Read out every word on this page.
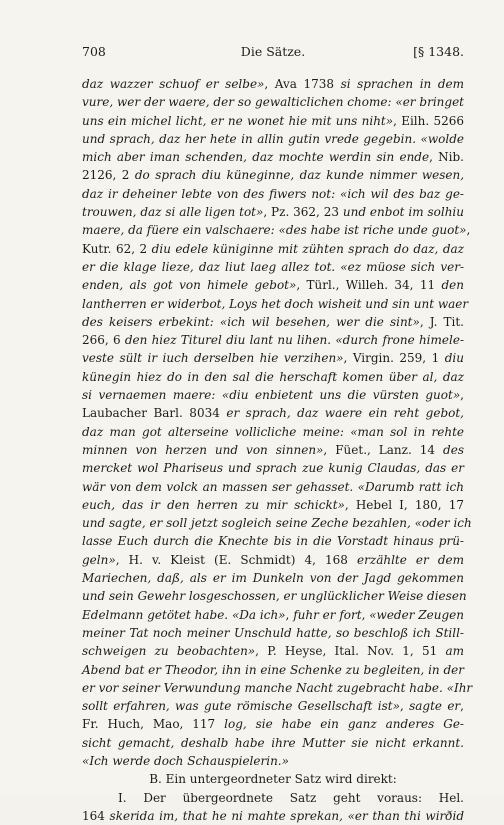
708	Die Sätze.	[§ 1348.
daz wazzer schuof er selbe», Ava 1738 si sprachen in dem
vure, wer der waere, der so gewalticlichen chome: «er bringet
uns ein michel licht, er ne wonet hie mit uns niht», Eilh. 5266
und sprach, daz her hete in allin gutin vrede gegebin. «wolde
mich aber iman schenden, daz mochte werdin sin ende, Nib.
2126, 2 do sprach diu küneginne, daz kunde nimmer wesen,
daz ir deheiner lebte von des fiwers not: «ich wil des baz ge-
trouwen, daz si alle ligen tot», Pz. 362, 23 und enbot im solhiu
maere, da füere ein valschaere: «des habe ist riche unde guot»,
Kutr. 62, 2 diu edele küniginne mit zühten sprach do daz, daz
er die klage lieze, daz liut laeg allez tot. «ez müose sich ver-
enden, als got von himele gebot», Türl., Willeh. 34, 11 den
lantherren er widerbot, Loys het doch wisheit und sin unt waer
des keisers erbekint: «ich wil besehen, wer die sint», J. Tit.
266, 6 den hiez Titurel diu lant nu lihen. «durch frone himele-
veste sült ir iuch derselben hie verzihen», Virgin. 259, 1 diu
künegin hiez do in den sal die herschaft komen über al, daz
si vernaemen maere: «diu enbietent uns die vürsten guot»,
Laubacher Barl. 8034 er sprach, daz waere ein reht gebot,
daz man got alterseine vollicliche meine: «man sol in rehte
minnen von herzen und von sinnen», Füet., Lanz. 14 des
mercket wol Phariseus und sprach zue kunig Claudas, das er
wär von dem volck an massen ser gehasset. «Darumb ratt ich
euch, das ir den herren zu mir schickt», Hebel I, 180, 17
und sagte, er soll jetzt sogleich seine Zeche bezahlen, «oder ich
lasse Euch durch die Knechte bis in die Vorstadt hinaus prü-
geln», H. v. Kleist (E. Schmidt) 4, 168 erzählte er dem
Mariechen, daß, als er im Dunkeln von der Jagd gekommen
und sein Gewehr losgeschossen, er unglücklicher Weise diesen
Edelmann getötet habe. «Da ich», fuhr er fort, «weder Zeugen
meiner Tat noch meiner Unschuld hatte, so beschloß ich Still-
schweigen zu beobachten», P. Heyse, Ital. Nov. 1, 51 am
Abend bat er Theodor, ihn in eine Schenke zu begleiten, in der
er vor seiner Verwundung manche Nacht zugebracht habe. «Ihr
sollt erfahren, was gute römische Gesellschaft ist», sagte er,
Fr. Huch, Mao, 117 log, sie habe ein ganz anderes Ge-
sicht gemacht, deshalb habe ihre Mutter sie nicht erkannt.
«Ich werde doch Schauspielerin.»
B. Ein untergeordneter Satz wird direkt:
I. Der übergeordnete Satz geht voraus: Hel.
164 skerida im, that he ni mahte sprekan, «er than thi wirðid
